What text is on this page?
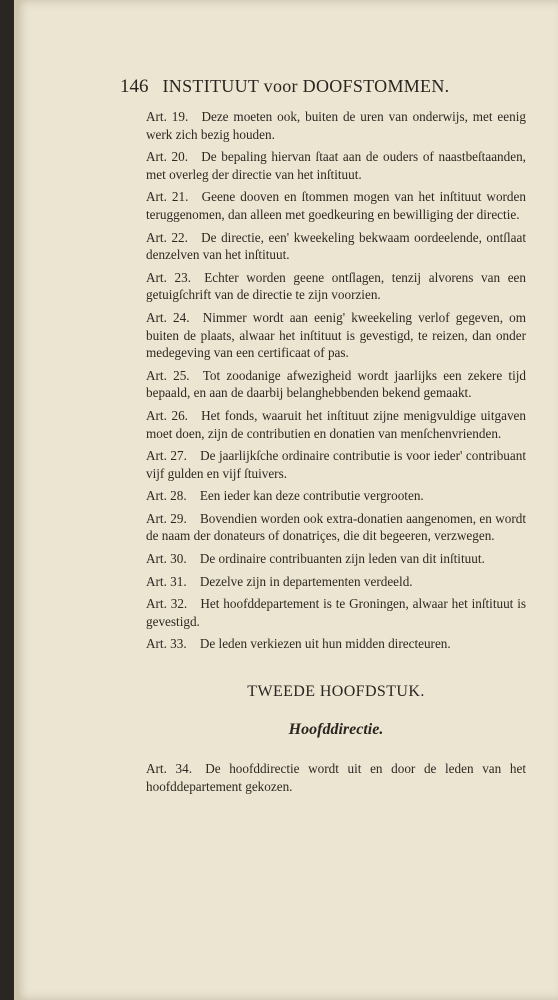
146 INSTITUUT voor DOOFSTOMMEN.
Art. 19.  Deze moeten ook, buiten de uren van onderwijs, met eenig werk zich bezig houden.
Art. 20.  De bepaling hiervan ſtaat aan de ouders of naastbeſtaanden, met overleg der directie van het inſtituut.
Art. 21.  Geene dooven en ſtommen mogen van het inſtituut worden teruggenomen, dan alleen met goedkeuring en bewilliging der directie.
Art. 22.  De directie, een' kweekeling bekwaam oordeelende, ontſlaat denzelven van het inſtituut.
Art. 23.  Echter worden geene ontſlagen, tenzij alvorens van een getuigſchrift van de directie te zijn voorzien.
Art. 24.  Nimmer wordt aan eenig' kweekeling verlof gegeven, om buiten de plaats, alwaar het inſtituut is gevestigd, te reizen, dan onder medegeving van een certificaat of pas.
Art. 25.  Tot zoodanige afwezigheid wordt jaarlijks een zekere tijd bepaald, en aan de daarbij belanghebbenden bekend gemaakt.
Art. 26.  Het fonds, waaruit het inſtituut zijne menigvuldige uitgaven moet doen, zijn de contributien en donatien van menſchenvrienden.
Art. 27.  De jaarlijkſche ordinaire contributie is voor ieder' contribuant vijf gulden en vijf ſtuivers.
Art. 28.  Een ieder kan deze contributie vergrooten.
Art. 29.  Bovendien worden ook extra-donatien aangenomen, en wordt de naam der donateurs of donatriçes, die dit begeeren, verzwegen.
Art. 30.  De ordinaire contribuanten zijn leden van dit inſtituut.
Art. 31.  Dezelve zijn in departementen verdeeld.
Art. 32.  Het hoofddepartement is te Groningen, alwaar het inſtituut is gevestigd.
Art. 33.  De leden verkiezen uit hun midden directeuren.
TWEEDE HOOFDSTUK.
Hoofddirectie.
Art. 34.  De hoofddirectie wordt uit en door de leden van het hoofddepartement gekozen.
